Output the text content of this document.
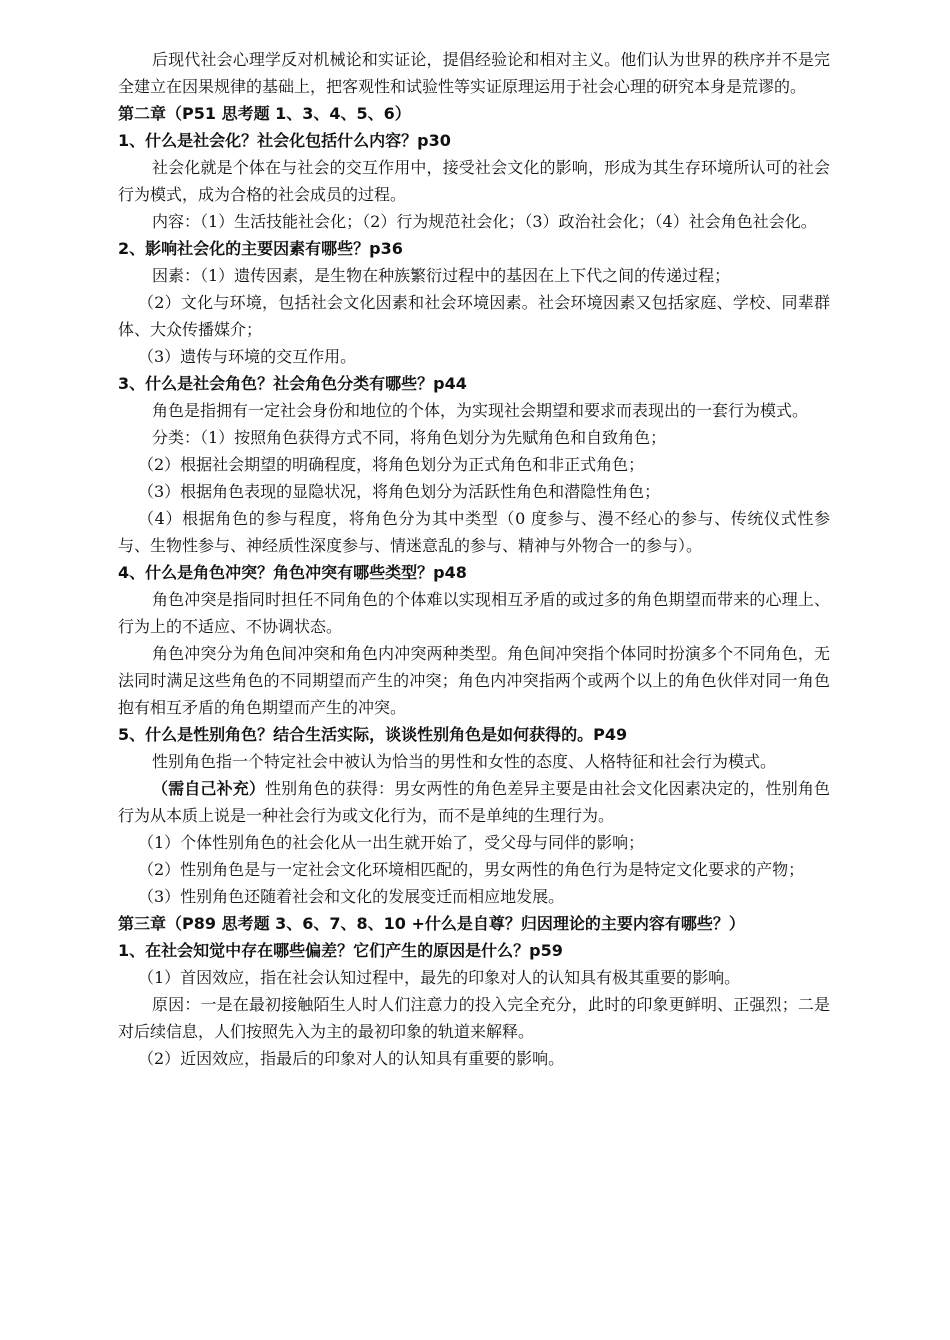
后现代社会心理学反对机械论和实证论，提倡经验论和相对主义。他们认为世界的秩序并不是完全建立在因果规律的基础上，把客观性和试验性等实证原理运用于社会心理的研究本身是荒谬的。

第二章（P51 思考题 1、3、4、5、6）

1、什么是社会化？社会化包括什么内容？p30

社会化就是个体在与社会的交互作用中，接受社会文化的影响，形成为其生存环境所认可的社会行为模式，成为合格的社会成员的过程。

内容：（1）生活技能社会化；（2）行为规范社会化；（3）政治社会化；（4）社会角色社会化。

2、影响社会化的主要因素有哪些？p36

因素：（1）遗传因素，是生物在种族繁衍过程中的基因在上下代之间的传递过程；

（2）文化与环境，包括社会文化因素和社会环境因素。社会环境因素又包括家庭、学校、同辈群体、大众传播媒介；

（3）遗传与环境的交互作用。

3、什么是社会角色？社会角色分类有哪些？p44

角色是指拥有一定社会身份和地位的个体，为实现社会期望和要求而表现出的一套行为模式。

分类：（1）按照角色获得方式不同，将角色划分为先赋角色和自致角色；

（2）根据社会期望的明确程度，将角色划分为正式角色和非正式角色；

（3）根据角色表现的显隐状况，将角色划分为活跃性角色和潜隐性角色；

（4）根据角色的参与程度，将角色分为其中类型（0 度参与、漫不经心的参与、传统仪式性参与、生物性参与、神经质性深度参与、情迷意乱的参与、精神与外物合一的参与）。

4、什么是角色冲突？角色冲突有哪些类型？p48

角色冲突是指同时担任不同角色的个体难以实现相互矛盾的或过多的角色期望而带来的心理上、行为上的不适应、不协调状态。

角色冲突分为角色间冲突和角色内冲突两种类型。角色间冲突指个体同时扮演多个不同角色，无法同时满足这些角色的不同期望而产生的冲突；角色内冲突指两个或两个以上的角色伙伴对同一角色抱有相互矛盾的角色期望而产生的冲突。

5、什么是性别角色？结合生活实际，谈谈性别角色是如何获得的。P49

性别角色指一个特定社会中被认为恰当的男性和女性的态度、人格特征和社会行为模式。

（需自己补充）性别角色的获得：男女两性的角色差异主要是由社会文化因素决定的，性别角色行为从本质上说是一种社会行为或文化行为，而不是单纯的生理行为。

（1）个体性别角色的社会化从一出生就开始了，受父母与同伴的影响；

（2）性别角色是与一定社会文化环境相匹配的，男女两性的角色行为是特定文化要求的产物；

（3）性别角色还随着社会和文化的发展变迁而相应地发展。

第三章（P89 思考题 3、6、7、8、10 +什么是自尊？归因理论的主要内容有哪些？）

1、在社会知觉中存在哪些偏差？它们产生的原因是什么？p59

（1）首因效应，指在社会认知过程中，最先的印象对人的认知具有极其重要的影响。

原因：一是在最初接触陌生人时人们注意力的投入完全充分，此时的印象更鲜明、正强烈；二是对后续信息，人们按照先入为主的最初印象的轨道来解释。

（2）近因效应，指最后的印象对人的认知具有重要的影响。
